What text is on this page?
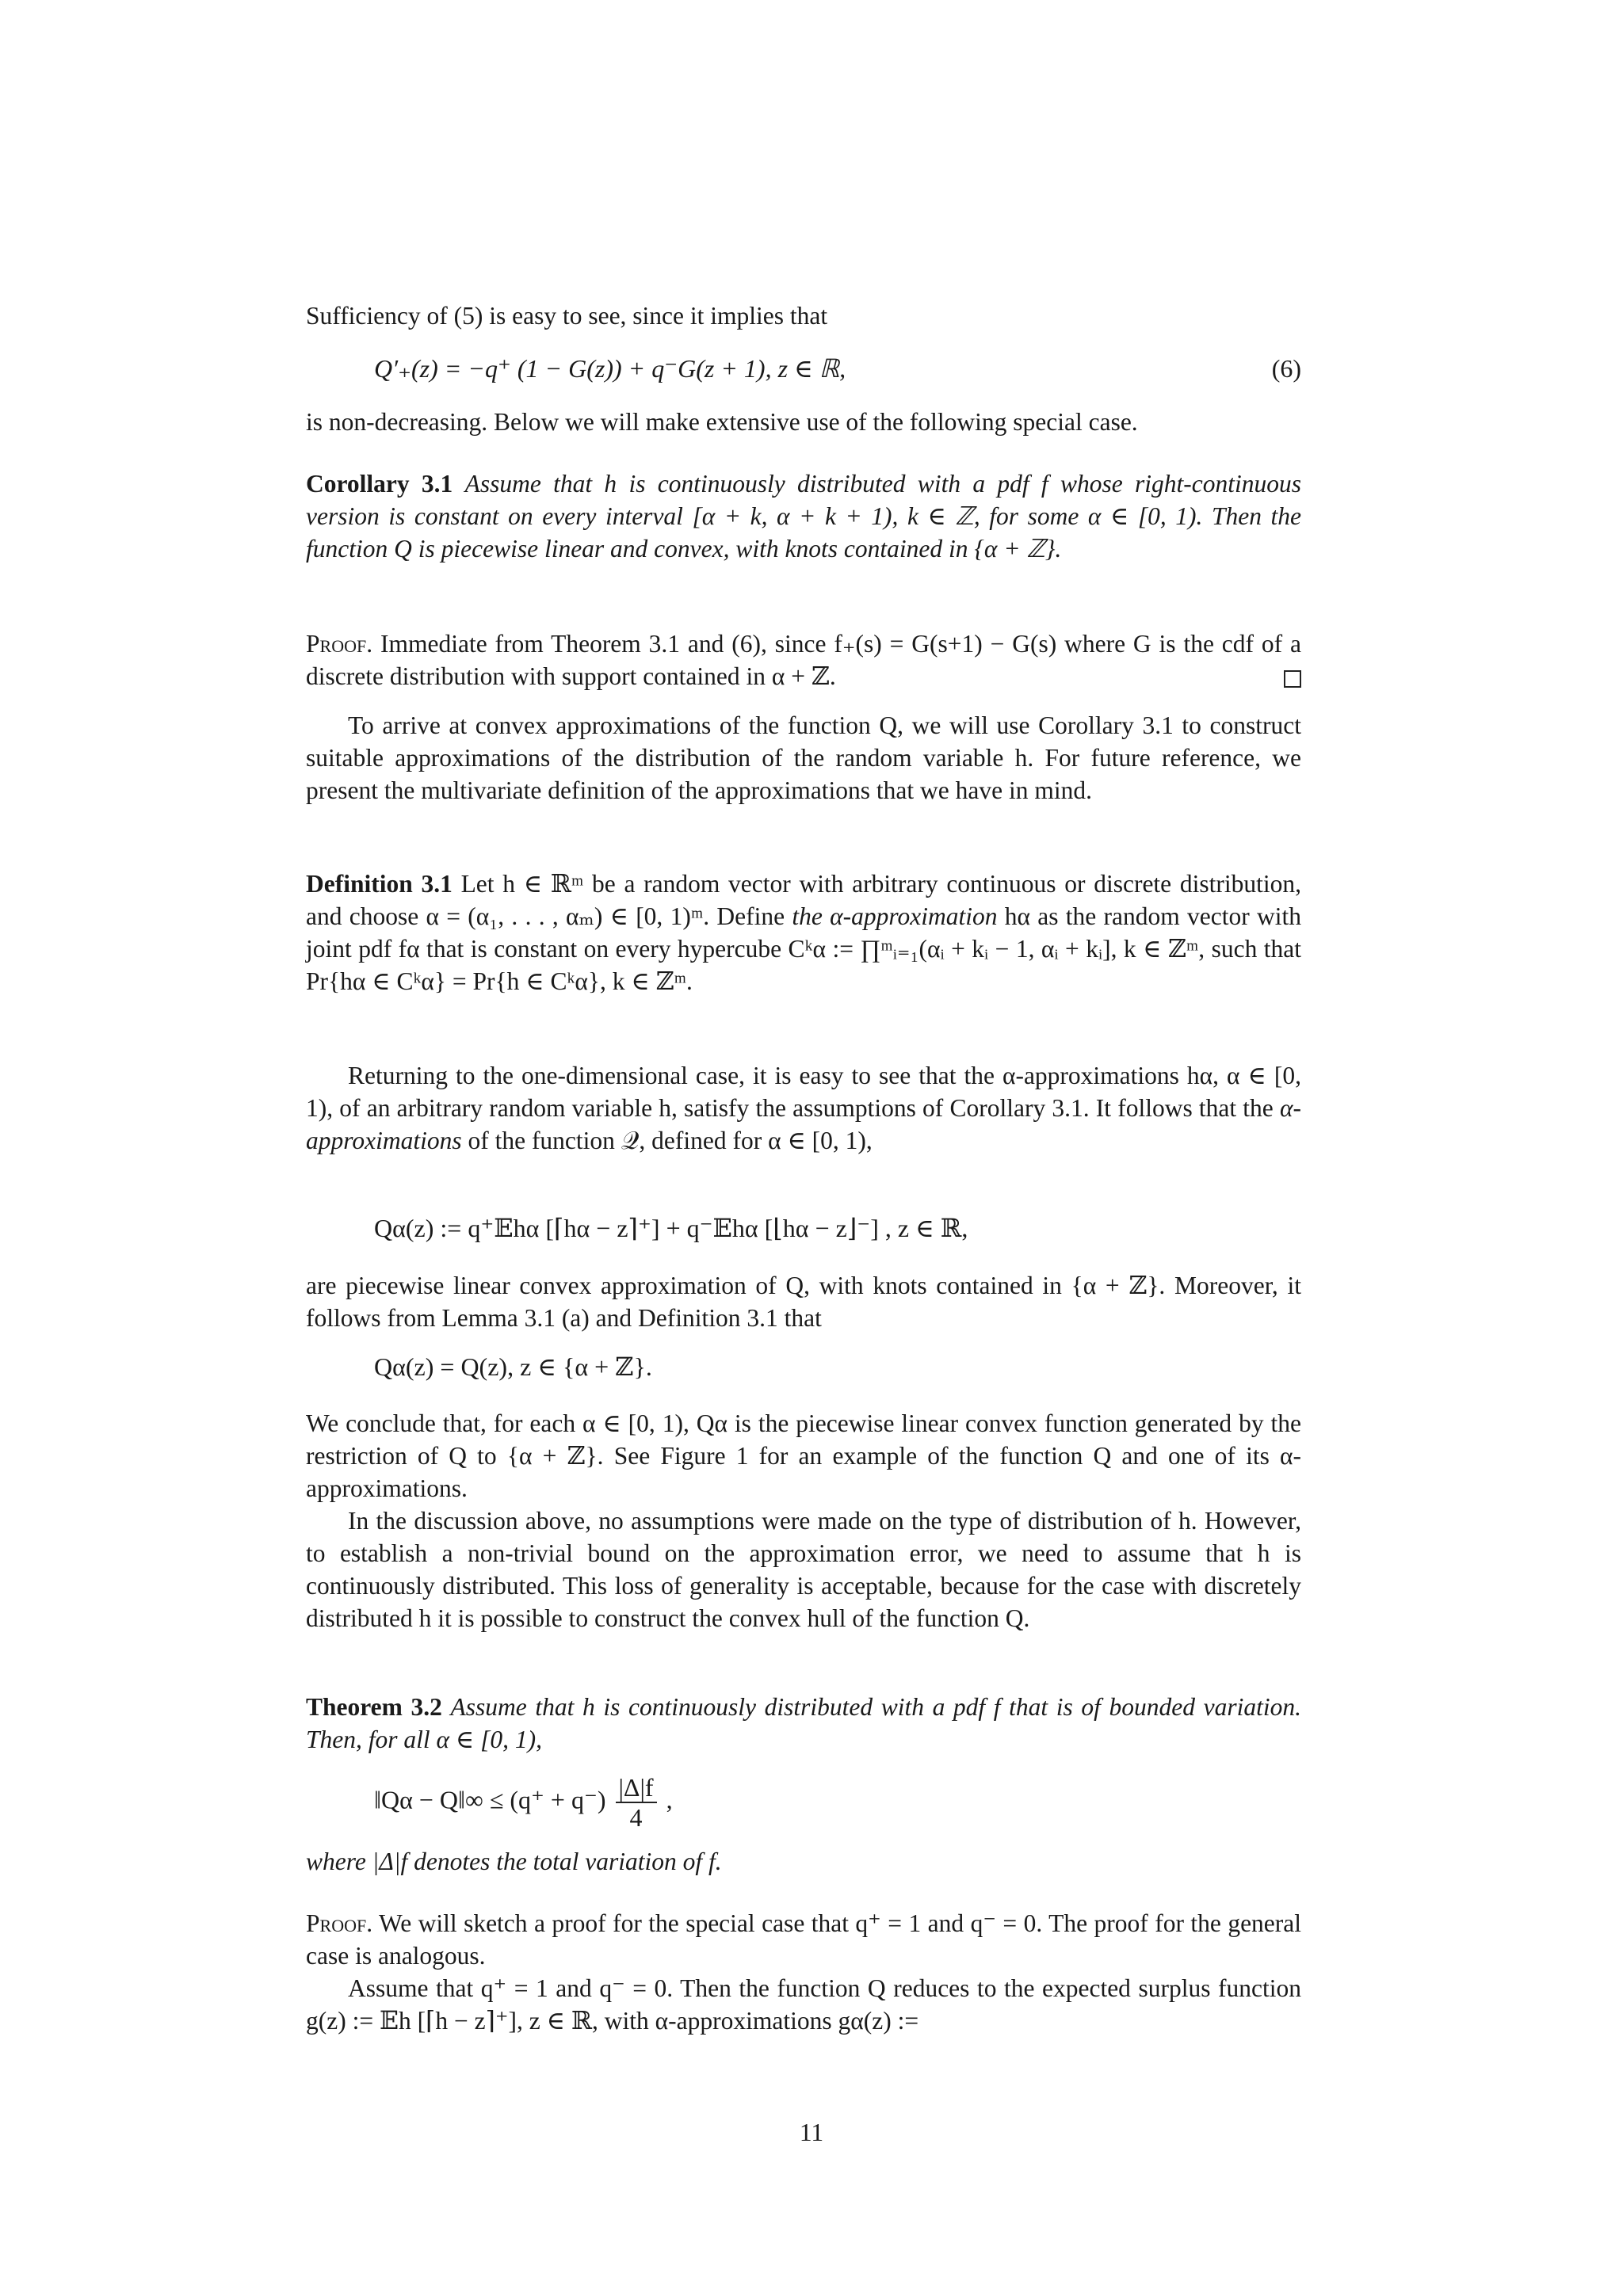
Sufficiency of (5) is easy to see, since it implies that
Q′₊(z) = −q⁺ (1 − G(z)) + q⁻G(z + 1), z ∈ ℝ,	(6)
is non-decreasing. Below we will make extensive use of the following special case.
Corollary 3.1 Assume that h is continuously distributed with a pdf f whose right-continuous version is constant on every interval [α + k, α + k + 1), k ∈ ℤ, for some α ∈ [0, 1). Then the function Q is piecewise linear and convex, with knots contained in {α + ℤ}.
Proof. Immediate from Theorem 3.1 and (6), since f₊(s) = G(s+1) − G(s) where G is the cdf of a discrete distribution with support contained in α + ℤ.
To arrive at convex approximations of the function Q, we will use Corollary 3.1 to construct suitable approximations of the distribution of the random variable h. For future reference, we present the multivariate definition of the approximations that we have in mind.
Definition 3.1 Let h ∈ ℝᵐ be a random vector with arbitrary continuous or discrete distribution, and choose α = (α₁, . . . , αₘ) ∈ [0, 1)ᵐ. Define the α-approximation hα as the random vector with joint pdf fα that is constant on every hypercube Cᵏα := ∏ᵐᵢ₌₁(αᵢ + kᵢ − 1, αᵢ + kᵢ], k ∈ ℤᵐ, such that Pr{hα ∈ Cᵏα} = Pr{h ∈ Cᵏα}, k ∈ ℤᵐ.
Returning to the one-dimensional case, it is easy to see that the α-approximations hα, α ∈ [0, 1), of an arbitrary random variable h, satisfy the assumptions of Corollary 3.1. It follows that the α-approximations of the function 𝒬, defined for α ∈ [0, 1),
Qα(z) := q⁺𝔼hα [⌈hα − z⌉⁺] + q⁻𝔼hα [⌊hα − z⌋⁻] , z ∈ ℝ,
are piecewise linear convex approximation of Q, with knots contained in {α + ℤ}. Moreover, it follows from Lemma 3.1 (a) and Definition 3.1 that
Qα(z) = Q(z), z ∈ {α + ℤ}.
We conclude that, for each α ∈ [0, 1), Qα is the piecewise linear convex function generated by the restriction of Q to {α + ℤ}. See Figure 1 for an example of the function Q and one of its α-approximations.
In the discussion above, no assumptions were made on the type of distribution of h. However, to establish a non-trivial bound on the approximation error, we need to assume that h is continuously distributed. This loss of generality is acceptable, because for the case with discretely distributed h it is possible to construct the convex hull of the function Q.
Theorem 3.2 Assume that h is continuously distributed with a pdf f that is of bounded variation. Then, for all α ∈ [0, 1),
‖Qα − Q‖∞ ≤ $(q^+ + q^-) \frac{|\Delta|f}{4}$ ,
where |Δ|f denotes the total variation of f.
Proof. We will sketch a proof for the special case that q⁺ = 1 and q⁻ = 0. The proof for the general case is analogous.
Assume that q⁺ = 1 and q⁻ = 0. Then the function Q reduces to the expected surplus function g(z) := 𝔼h [⌈h − z⌉⁺], z ∈ ℝ, with α-approximations gα(z) :=
11
